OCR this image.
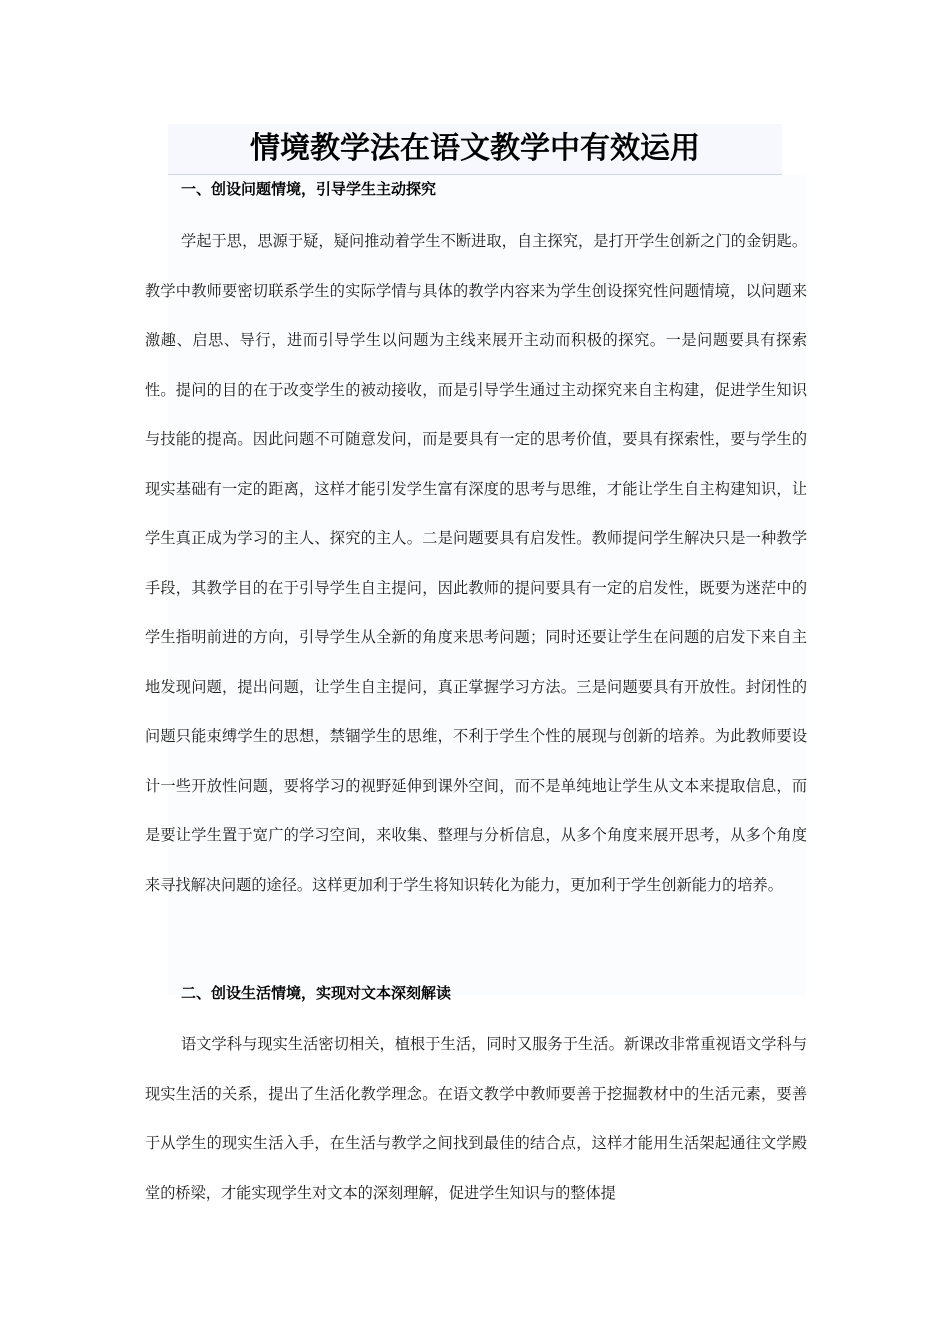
情境教学法在语文教学中有效运用
一、创设问题情境，引导学生主动探究

学起于思，思源于疑，疑问推动着学生不断进取，自主探究，是打开学生创新之门的金钥匙。教学中教师要密切联系学生的实际学情与具体的教学内容来为学生创设探究性问题情境，以问题来激趣、启思、导行，进而引导学生以问题为主线来展开主动而积极的探究。一是问题要具有探索性。提问的目的在于改变学生的被动接收，而是引导学生通过主动探究来自主构建，促进学生知识与技能的提高。因此问题不可随意发问，而是要具有一定的思考价值，要具有探索性，要与学生的现实基础有一定的距离，这样才能引发学生富有深度的思考与思维，才能让学生自主构建知识，让学生真正成为学习的主人、探究的主人。二是问题要具有启发性。教师提问学生解决只是一种教学手段，其教学目的在于引导学生自主提问，因此教师的提问要具有一定的启发性，既要为迷茫中的学生指明前进的方向，引导学生从全新的角度来思考问题；同时还要让学生在问题的启发下来自主地发现问题，提出问题，让学生自主提问，真正掌握学习方法。三是问题要具有开放性。封闭性的问题只能束缚学生的思想，禁锢学生的思维，不利于学生个性的展现与创新的培养。为此教师要设计一些开放性问题，要将学习的视野延伸到课外空间，而不是单纯地让学生从文本来提取信息，而是要让学生置于宽广的学习空间，来收集、整理与分析信息，从多个角度来展开思考，从多个角度来寻找解决问题的途径。这样更加利于学生将知识转化为能力，更加利于学生创新能力的培养。

二、创设生活情境，实现对文本深刻解读

语文学科与现实生活密切相关，植根于生活，同时又服务于生活。新课改非常重视语文学科与现实生活的关系，提出了生活化教学理念。在语文教学中教师要善于挖掘教材中的生活元素，要善于从学生的现实生活入手，在生活与教学之间找到最佳的结合点，这样才能用生活架起通往文学殿堂的桥梁，才能实现学生对文本的深刻理解，促进学生知识与的整体提
